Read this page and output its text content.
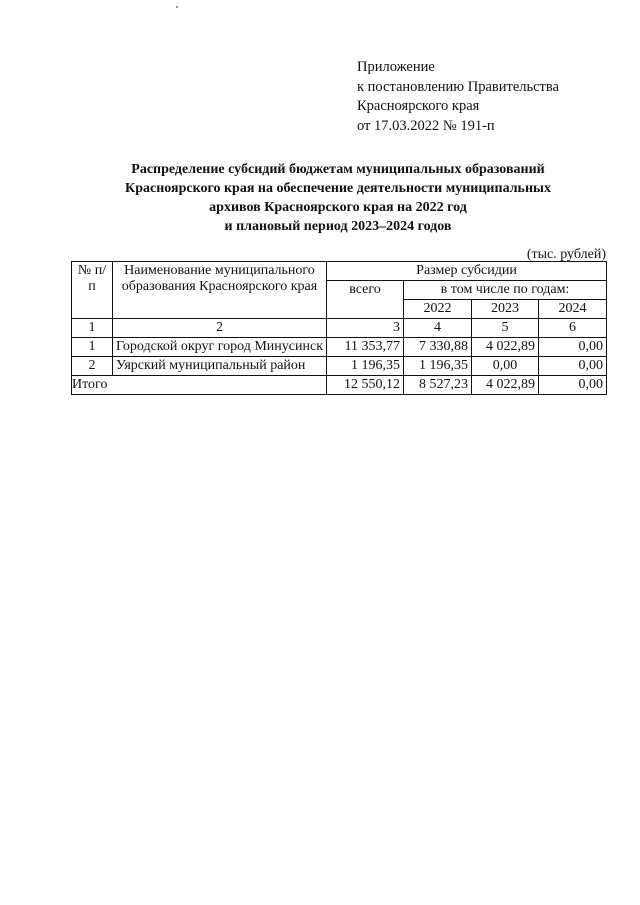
Приложение
к постановлению Правительства
Красноярского края
от 17.03.2022 № 191-п
Распределение субсидий бюджетам муниципальных образований
Красноярского края на обеспечение деятельности муниципальных
архивов Красноярского края на 2022 год
и плановый период 2023–2024 годов
(тыс. рублей)
№ п/п	Наименование муниципального образования Красноярского края	Размер субсидии			
		всего	в том числе по годам:		
			2022	2023	2024
1	2	3	4	5	6
1	Городской округ город Минусинск	11 353,77	7 330,88	4 022,89	0,00
2	Уярский муниципальный район	1 196,35	1 196,35	0,00	0,00
Итого		12 550,12	8 527,23	4 022,89	0,00
